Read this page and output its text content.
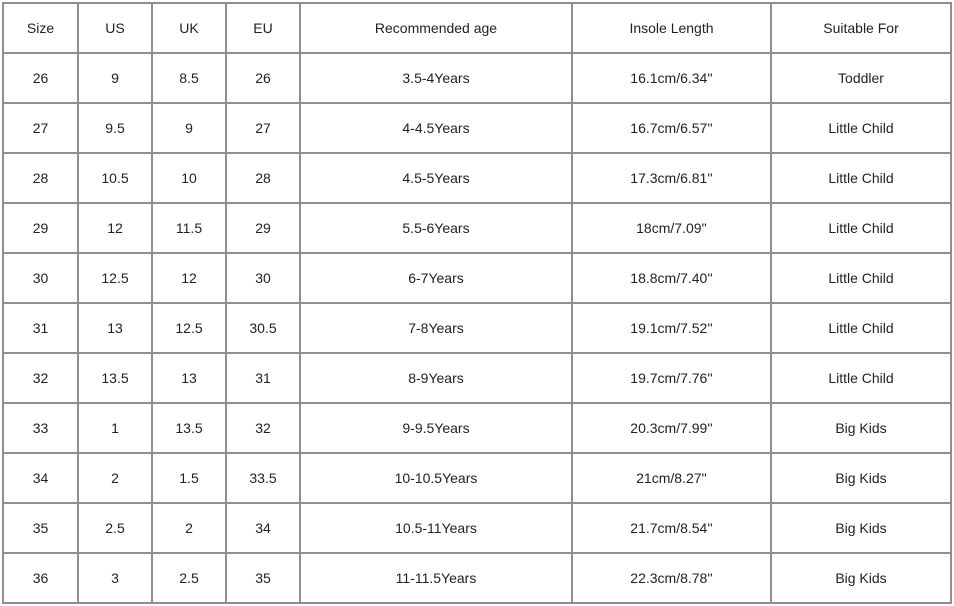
Size	US	UK	EU	Recommended age	Insole Length	Suitable For
26	9	8.5	26	3.5-4Years	16.1cm/6.34''	Toddler
27	9.5	9	27	4-4.5Years	16.7cm/6.57''	Little Child
28	10.5	10	28	4.5-5Years	17.3cm/6.81''	Little Child
29	12	11.5	29	5.5-6Years	18cm/7.09''	Little Child
30	12.5	12	30	6-7Years	18.8cm/7.40''	Little Child
31	13	12.5	30.5	7-8Years	19.1cm/7.52''	Little Child
32	13.5	13	31	8-9Years	19.7cm/7.76''	Little Child
33	1	13.5	32	9-9.5Years	20.3cm/7.99''	Big Kids
34	2	1.5	33.5	10-10.5Years	21cm/8.27''	Big Kids
35	2.5	2	34	10.5-11Years	21.7cm/8.54''	Big Kids
36	3	2.5	35	11-11.5Years	22.3cm/8.78''	Big Kids
